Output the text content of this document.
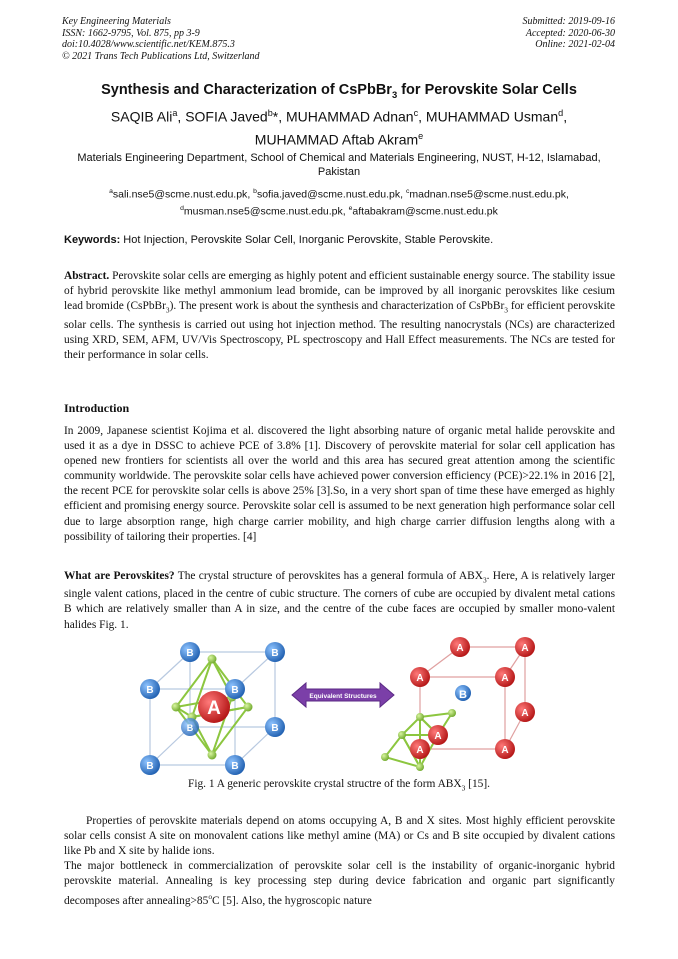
Key Engineering Materials
ISSN: 1662-9795, Vol. 875, pp 3-9
doi:10.4028/www.scientific.net/KEM.875.3
© 2021 Trans Tech Publications Ltd, Switzerland
Submitted: 2019-09-16
Accepted: 2020-06-30
Online: 2021-02-04
Synthesis and Characterization of CsPbBr$_3$ for Perovskite Solar Cells
SAQIB Ali$^a$, SOFIA Javed$^b$*, MUHAMMAD Adnan$^c$, MUHAMMAD Usman$^d$,
MUHAMMAD Aftab Akram$^e$
Materials Engineering Department, School of Chemical and Materials Engineering, NUST, H-12, Islamabad, Pakistan
$^a$sali.nse5@scme.nust.edu.pk, $^b$sofia.javed@scme.nust.edu.pk, $^c$madnan.nse5@scme.nust.edu.pk,
$^d$musman.nse5@scme.nust.edu.pk, $^e$aftabakram@scme.nust.edu.pk
Keywords: Hot Injection, Perovskite Solar Cell, Inorganic Perovskite, Stable Perovskite.
Abstract. Perovskite solar cells are emerging as highly potent and efficient sustainable energy source. The stability issue of hybrid perovskite like methyl ammonium lead bromide, can be improved by all inorganic perovskites like cesium lead bromide (CsPbBr$_3$). The present work is about the synthesis and characterization of CsPbBr$_3$ for efficient perovskite solar cells. The synthesis is carried out using hot injection method. The resulting nanocrystals (NCs) are characterized using XRD, SEM, AFM, UV/Vis Spectroscopy, PL spectroscopy and Hall Effect measurements. The NCs are tested for their performance in solar cells.
Introduction
In 2009, Japanese scientist Kojima et al. discovered the light absorbing nature of organic metal halide perovskite and used it as a dye in DSSC to achieve PCE of 3.8% [1]. Discovery of perovskite material for solar cell application has opened new frontiers for scientists all over the world and this area has secured great attention among the scientific community worldwide. The perovskite solar cells have achieved power conversion efficiency (PCE)>22.1% in 2016 [2], the recent PCE for perovskite solar cells is above 25% [3].So, in a very short span of time these have emerged as highly efficient and promising energy source. Perovskite solar cell is assumed to be next generation high performance solar cell due to large absorption range, high charge carrier mobility, and high charge carrier diffusion lengths along with a possibility of tailoring their properties. [4]
What are Perovskites? The crystal structure of perovskites has a general formula of $ABX_3$. Here, A is relatively larger single valent cations, placed in the centre of cubic structure. The corners of cube are occupied by divalent metal cations B which are relatively smaller than A in size, and the centre of the cube faces are occupied by smaller mono-valent halides Fig. 1.
B	B
B	B
B	B
B
B
A
Equivalent Structures
A	A
A	A
A
A
A
A
B
Fig. 1 A generic perovskite crystal structre of the form $ABX_3$ [15].
Properties of perovskite materials depend on atoms occupying A, B and X sites. Most highly efficient perovskite solar cells consist A site on monovalent cations like methyl amine (MA) or Cs and B site occupied by divalent cations like Pb and X site by halide ions.
The major bottleneck in commercialization of perovskite solar cell is the instability of organic-inorganic hybrid perovskite material. Annealing is key processing step during device fabrication and organic part significantly decomposes after $annealing>85^oC$ [5]. Also, the hygroscopic nature
